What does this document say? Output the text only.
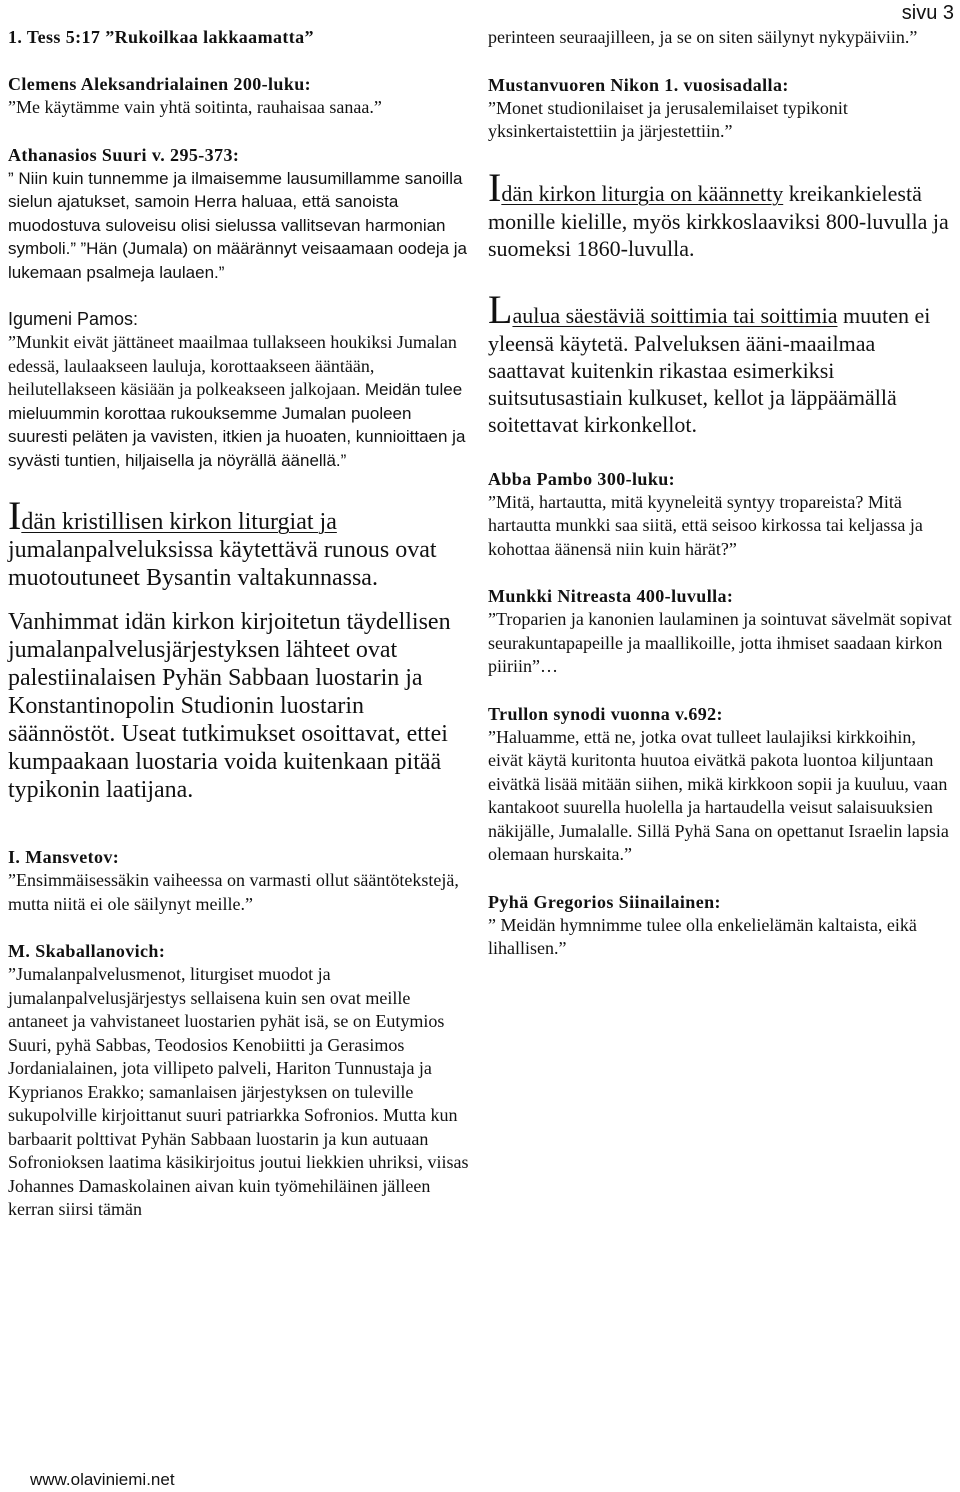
sivu 3
1. Tess 5:17 ”Rukoilkaa lakkaamatta”
Clemens Aleksandrialainen 200-luku:
”Me käytämme vain yhtä soitinta, rauhaisaa sanaa.”
Athanasios Suuri v. 295-373:
” Niin kuin tunnemme ja ilmaisemme lausumillamme sanoilla sielun ajatukset, samoin Herra haluaa, että sanoista muodostuva suloveisu olisi sielussa vallitsevan harmonian symboli.” ”Hän (Jumala) on määrännyt veisaamaan oodeja ja lukemaan psalmeja laulaen.”
Igumeni Pamos:
”Munkit eivät jättäneet maailmaa tullakseen houkiksi Jumalan edessä, laulaakseen lauluja, korottaakseen ääntään, heilutellakseen käsiään ja polkeakseen jalkojaan. Meidän tulee mieluummin korottaa rukouksemme Jumalan puoleen suuresti peläten ja vavisten, itkien ja huoaten, kunnioittaen ja syvästi tuntien, hiljaisella ja nöyrällä äänellä.”
Idän kristillisen kirkon liturgiat ja jumalanpalveluksissa käytettävä runous ovat muotoutuneet Bysantin valtakunnassa.
Vanhimmat idän kirkon kirjoitetun täydellisen jumalanpalvelusjärjestyksen lähteet ovat palestiinalaisen Pyhän Sabbaan luostarin ja Konstantinopolin Studionin luostarin säännöstöt. Useat tutkimukset osoittavat, ettei kumpaakaan luostaria voida kuitenkaan pitää typikonin laatijana.
I. Mansvetov:
”Ensimmäisessäkin vaiheessa on varmasti ollut sääntötekstejä, mutta niitä ei ole säilynyt meille.”
M. Skaballanovich:
”Jumalanpalvelusmenot, liturgiset muodot ja jumalanpalvelusjärjestys sellaisena kuin sen ovat meille antaneet ja vahvistaneet luostarien pyhät isä, se on Eutymios Suuri, pyhä Sabbas, Teodosios Kenobiitti ja Gerasimos Jordanialainen, jota villipeto palveli, Hariton Tunnustaja ja Kyprianos Erakko; samanlaisen järjestyksen on tuleville sukupolville kirjoittanut suuri patriarkka Sofronios. Mutta kun barbaarit polttivat Pyhän Sabbaan luostarin ja kun autuaan Sofronioksen laatima käsikirjoitus joutui liekkien uhriksi, viisas Johannes Damaskolainen aivan kuin työmehiläinen jälleen kerran siirsi tämän
perinteen seuraajilleen, ja se on siten säilynyt nykypäiviin.”
Mustanvuoren Nikon 1. vuosisadalla:
”Monet studionilaiset ja jerusalemilaiset typikonit yksinkertaistettiin ja järjestettiin.”
Idän kirkon liturgia on käännetty kreikankielestä monille kielille, myös kirkkoslaaviksi 800-luvulla ja suomeksi 1860-luvulla.
Laulua säestäviä soittimia tai soittimia muuten ei yleensä käytetä. Palveluksen ääni-maailmaa saattavat kuitenkin rikastaa esimerkiksi suitsutusastiain kulkuset, kellot ja läppäämällä soitettavat kirkonkellot.
Abba Pambo 300-luku:
”Mitä, hartautta, mitä kyyneleitä syntyy tropareista? Mitä hartautta munkki saa siitä, että seisoo kirkossa tai keljassa ja kohottaa äänensä niin kuin härät?”
Munkki Nitreasta 400-luvulla:
”Troparien ja kanonien laulaminen ja sointuvat sävelmät sopivat seurakuntapapeille ja maallikoille, jotta ihmiset saadaan kirkon piiriin”…
Trullon synodi vuonna v.692:
”Haluamme, että ne, jotka ovat tulleet laulajiksi kirkkoihin, eivät käytä kuritonta huutoa eivätkä pakota luontoa kiljuntaan eivätkä lisää mitään siihen, mikä kirkkoon sopii ja kuuluu, vaan kantakoot suurella huolella ja hartaudella veisut salaisuuksien näkijälle, Jumalalle. Sillä Pyhä Sana on opettanut Israelin lapsia olemaan hurskaita.”
Pyhä Gregorios Siinailainen:
” Meidän hymnimme tulee olla enkelielämän kaltaista, eikä lihallisen.”
www.olaviniemi.net
